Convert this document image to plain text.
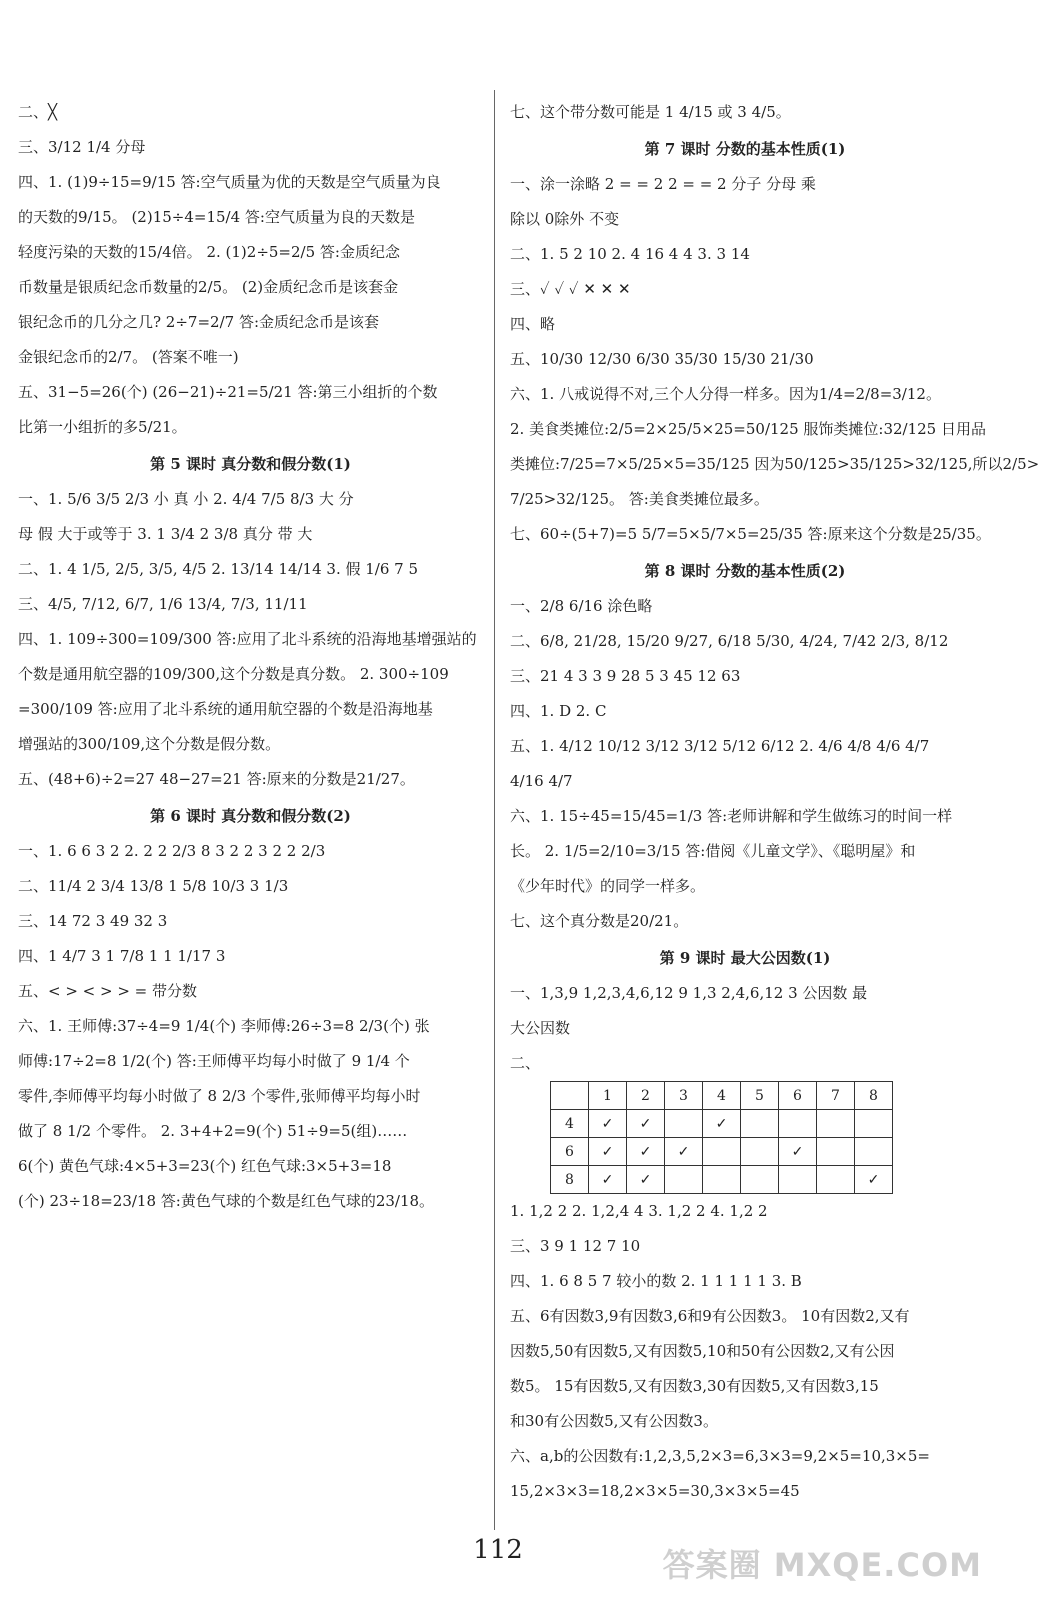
二、╳
三、3/12 1/4 分母
四、1. (1)9÷15=9/15 答:空气质量为优的天数是空气质量为良
的天数的9/15。 (2)15÷4=15/4 答:空气质量为良的天数是
轻度污染的天数的15/4倍。 2. (1)2÷5=2/5 答:金质纪念
币数量是银质纪念币数量的2/5。 (2)金质纪念币是该套金
银纪念币的几分之几? 2÷7=2/7 答:金质纪念币是该套
金银纪念币的2/7。 (答案不唯一)
五、31−5=26(个) (26−21)÷21=5/21 答:第三小组折的个数
比第一小组折的多5/21。
第 5 课时 真分数和假分数(1)
一、1. 5/6 3/5 2/3 小 真 小 2. 4/4 7/5 8/3 大 分
母 假 大于或等于 3. 1 3/4 2 3/8 真分 带 大
二、1. 4 1/5, 2/5, 3/5, 4/5 2. 13/14 14/14 3. 假 1/6 7 5
三、4/5, 7/12, 6/7, 1/6 13/4, 7/3, 11/11
四、1. 109÷300=109/300 答:应用了北斗系统的沿海地基增强站的
个数是通用航空器的109/300,这个分数是真分数。 2. 300÷109
=300/109 答:应用了北斗系统的通用航空器的个数是沿海地基
增强站的300/109,这个分数是假分数。
五、(48+6)÷2=27 48−27=21 答:原来的分数是21/27。
第 6 课时 真分数和假分数(2)
一、1. 6 6 3 2 2. 2 2 2/3 8 3 2 2 3 2 2 2/3
二、11/4 2 3/4 13/8 1 5/8 10/3 3 1/3
三、14 72 3 49 32 3
四、1 4/7 3 1 7/8 1 1 1/17 3
五、< > < > > = 带分数
六、1. 王师傅:37÷4=9 1/4(个) 李师傅:26÷3=8 2/3(个) 张
师傅:17÷2=8 1/2(个) 答:王师傅平均每小时做了 9 1/4 个
零件,李师傅平均每小时做了 8 2/3 个零件,张师傅平均每小时
做了 8 1/2 个零件。 2. 3+4+2=9(个) 51÷9=5(组)……
6(个) 黄色气球:4×5+3=23(个) 红色气球:3×5+3=18
(个) 23÷18=23/18 答:黄色气球的个数是红色气球的23/18。
七、这个带分数可能是 1 4/15 或 3 4/5。
第 7 课时 分数的基本性质(1)
一、涂一涂略 2 = = 2 2 = = 2 分子 分母 乘
除以 0除外 不变
二、1. 5 2 10 2. 4 16 4 4 3. 3 14
三、✓ ✓ ✓ ✕ ✕ ✕
四、略
五、10/30 12/30 6/30 35/30 15/30 21/30
六、1. 八戒说得不对,三个人分得一样多。因为1/4=2/8=3/12。
2. 美食类摊位:2/5=2×25/5×25=50/125 服饰类摊位:32/125 日用品
类摊位:7/25=7×5/25×5=35/125 因为50/125>35/125>32/125,所以2/5>
7/25>32/125。 答:美食类摊位最多。
七、60÷(5+7)=5 5/7=5×5/7×5=25/35 答:原来这个分数是25/35。
第 8 课时 分数的基本性质(2)
一、2/8 6/16 涂色略
二、6/8, 21/28, 15/20 9/27, 6/18 5/30, 4/24, 7/42 2/3, 8/12
三、21 4 3 3 9 28 5 3 45 12 63
四、1. D 2. C
五、1. 4/12 10/12 3/12 3/12 5/12 6/12 2. 4/6 4/8 4/6 4/7
4/16 4/7
六、1. 15÷45=15/45=1/3 答:老师讲解和学生做练习的时间一样
长。 2. 1/5=2/10=3/15 答:借阅《儿童文学》、《聪明屋》和
《少年时代》的同学一样多。
七、这个真分数是20/21。
第 9 课时 最大公因数(1)
一、1,3,9 1,2,3,4,6,12 9 1,3 2,4,6,12 3 公因数 最
大公因数
二、
	1	2	3	4	5	6	7	8
4	✓	✓		✓				
6	✓	✓	✓			✓		
8	✓	✓						✓
1. 1,2 2 2. 1,2,4 4 3. 1,2 2 4. 1,2 2
三、3 9 1 12 7 10
四、1. 6 8 5 7 较小的数 2. 1 1 1 1 1 3. B
五、6有因数3,9有因数3,6和9有公因数3。 10有因数2,又有
因数5,50有因数5,又有因数5,10和50有公因数2,又有公因
数5。 15有因数5,又有因数3,30有因数5,又有因数3,15
和30有公因数5,又有公因数3。
六、a,b的公因数有:1,2,3,5,2×3=6,3×3=9,2×5=10,3×5=
15,2×3×3=18,2×3×5=30,3×3×5=45
112	答案圈 MXQE.COM
